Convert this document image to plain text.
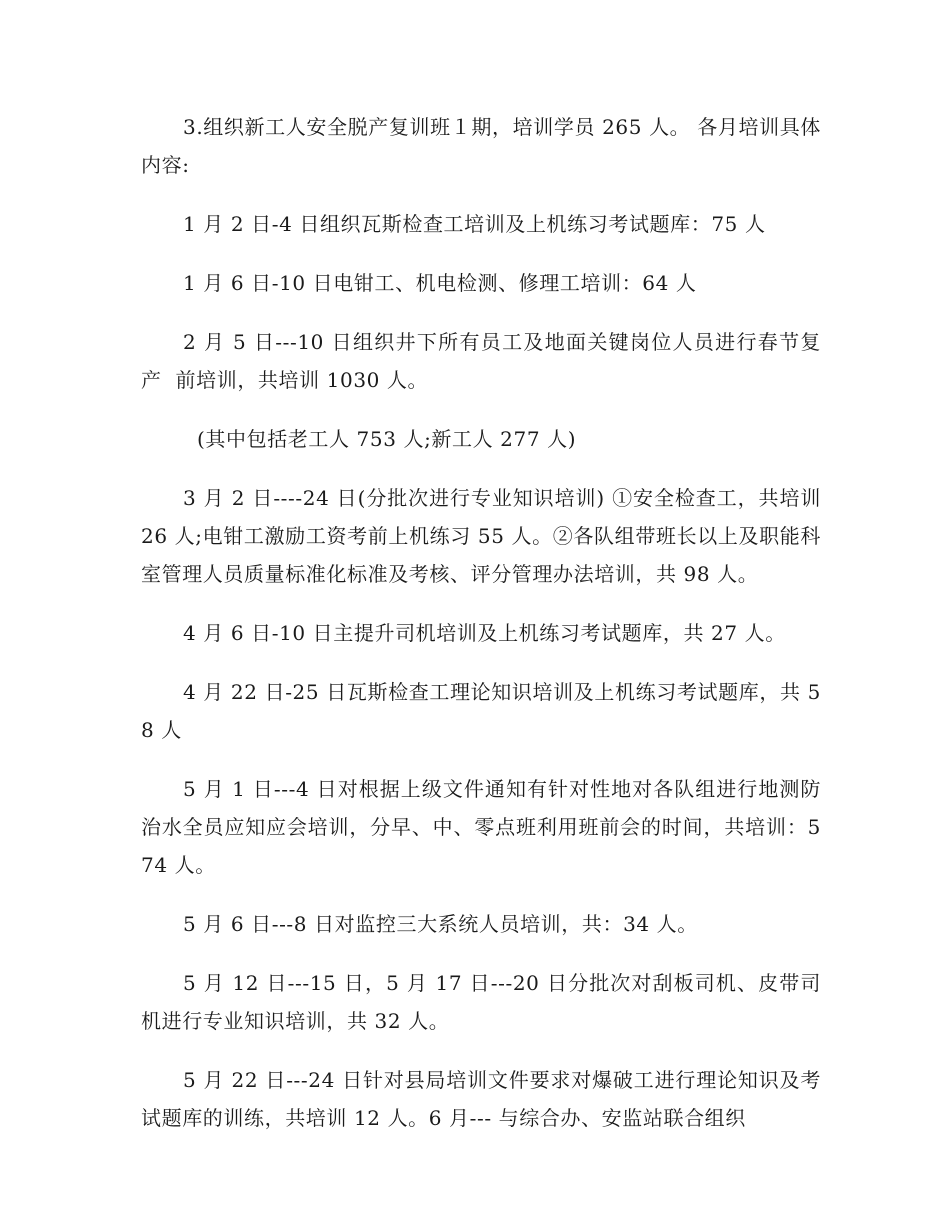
3.组织新工人安全脱产复训班１期，培训学员 265 人。 各月培训具体内容:

1 月 2 日-4 日组织瓦斯检查工培训及上机练习考试题库：75 人

1 月 6 日-10 日电钳工、机电检测、修理工培训：64 人

2 月 5 日---10 日组织井下所有员工及地面关键岗位人员进行春节复产  前培训，共培训 1030 人。

(其中包括老工人 753 人;新工人 277 人)

3 月 2 日----24 日(分批次进行专业知识培训) ①安全检查工，共培训 26 人;电钳工激励工资考前上机练习 55 人。②各队组带班长以上及职能科室管理人员质量标准化标准及考核、评分管理办法培训，共 98 人。

4 月 6 日-10 日主提升司机培训及上机练习考试题库，共 27 人。

4 月 22 日-25 日瓦斯检查工理论知识培训及上机练习考试题库，共 58 人

5 月 1 日---4 日对根据上级文件通知有针对性地对各队组进行地测防治水全员应知应会培训，分早、中、零点班利用班前会的时间，共培训：574 人。

5 月 6 日---8 日对监控三大系统人员培训，共：34 人。

5 月 12 日---15 日，5 月 17 日---20 日分批次对刮板司机、皮带司机进行专业知识培训，共 32 人。

5 月 22 日---24 日针对县局培训文件要求对爆破工进行理论知识及考试题库的训练，共培训 12 人。6 月--- 与综合办、安监站联合组织
